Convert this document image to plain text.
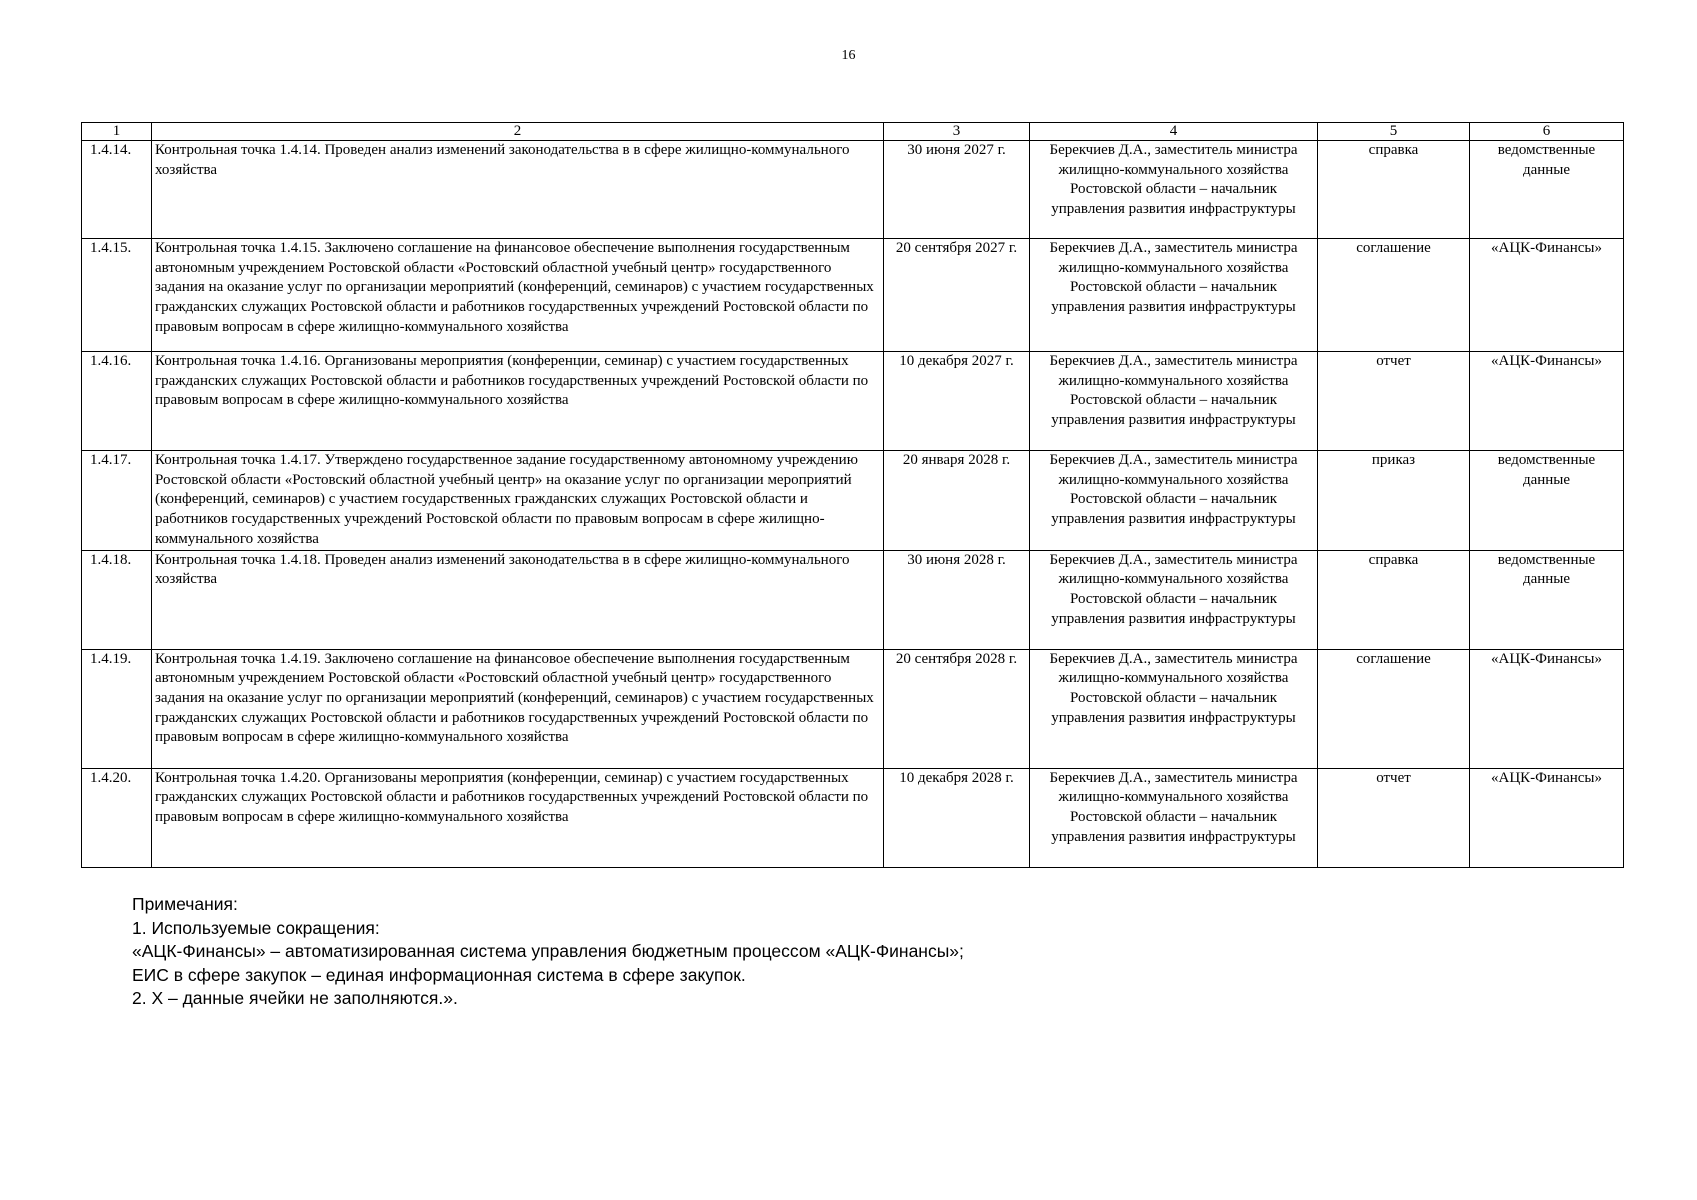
16
1	2	3	4	5	6
1.4.14.	Контрольная точка 1.4.14. Проведен анализ изменений законодательства в в сфере жилищно-коммунального хозяйства	30 июня 2027 г.	Берекчиев Д.А., заместитель министра жилищно-коммунального хозяйства Ростовской области – начальник управления развития инфраструктуры	справка	ведомственные данные
1.4.15.	Контрольная точка 1.4.15. Заключено соглашение на финансовое обеспечение выполнения государственным автономным учреждением Ростовской области «Ростовский областной учебный центр» государственного задания на оказание услуг по организации мероприятий (конференций, семинаров) с участием государственных гражданских служащих Ростовской области и работников государственных учреждений Ростовской области по правовым вопросам в сфере жилищно-коммунального хозяйства	20 сентября 2027 г.	Берекчиев Д.А., заместитель министра жилищно-коммунального хозяйства Ростовской области – начальник управления развития инфраструктуры	соглашение	«АЦК-Финансы»
1.4.16.	Контрольная точка 1.4.16. Организованы мероприятия (конференции, семинар) с участием государственных гражданских служащих Ростовской области и работников государственных учреждений Ростовской области по правовым вопросам в сфере жилищно-коммунального хозяйства	10 декабря 2027 г.	Берекчиев Д.А., заместитель министра жилищно-коммунального хозяйства Ростовской области – начальник управления развития инфраструктуры	отчет	«АЦК-Финансы»
1.4.17.	Контрольная точка 1.4.17. Утверждено государственное задание государственному автономному учреждению Ростовской области «Ростовский областной учебный центр» на оказание услуг по организации мероприятий (конференций, семинаров) с участием государственных гражданских служащих Ростовской области и работников государственных учреждений Ростовской области по правовым вопросам в сфере жилищно-коммунального хозяйства	20 января 2028 г.	Берекчиев Д.А., заместитель министра жилищно-коммунального хозяйства Ростовской области – начальник управления развития инфраструктуры	приказ	ведомственные данные
1.4.18.	Контрольная точка 1.4.18. Проведен анализ изменений законодательства в в сфере жилищно-коммунального хозяйства	30 июня 2028 г.	Берекчиев Д.А., заместитель министра жилищно-коммунального хозяйства Ростовской области – начальник управления развития инфраструктуры	справка	ведомственные данные
1.4.19.	Контрольная точка 1.4.19. Заключено соглашение на финансовое обеспечение выполнения государственным автономным учреждением Ростовской области «Ростовский областной учебный центр» государственного задания на оказание услуг по организации мероприятий (конференций, семинаров) с участием государственных гражданских служащих Ростовской области и работников государственных учреждений Ростовской области по правовым вопросам в сфере жилищно-коммунального хозяйства	20 сентября 2028 г.	Берекчиев Д.А., заместитель министра жилищно-коммунального хозяйства Ростовской области – начальник управления развития инфраструктуры	соглашение	«АЦК-Финансы»
1.4.20.	Контрольная точка 1.4.20. Организованы мероприятия (конференции, семинар) с участием государственных гражданских служащих Ростовской области и работников государственных учреждений Ростовской области по правовым вопросам в сфере жилищно-коммунального хозяйства	10 декабря 2028 г.	Берекчиев Д.А., заместитель министра жилищно-коммунального хозяйства Ростовской области – начальник управления развития инфраструктуры	отчет	«АЦК-Финансы»
Примечания:
1. Используемые сокращения:
«АЦК-Финансы» – автоматизированная система управления бюджетным процессом «АЦК-Финансы»;
ЕИС в сфере закупок – единая информационная система в сфере закупок.
2. Х – данные ячейки не заполняются.».
